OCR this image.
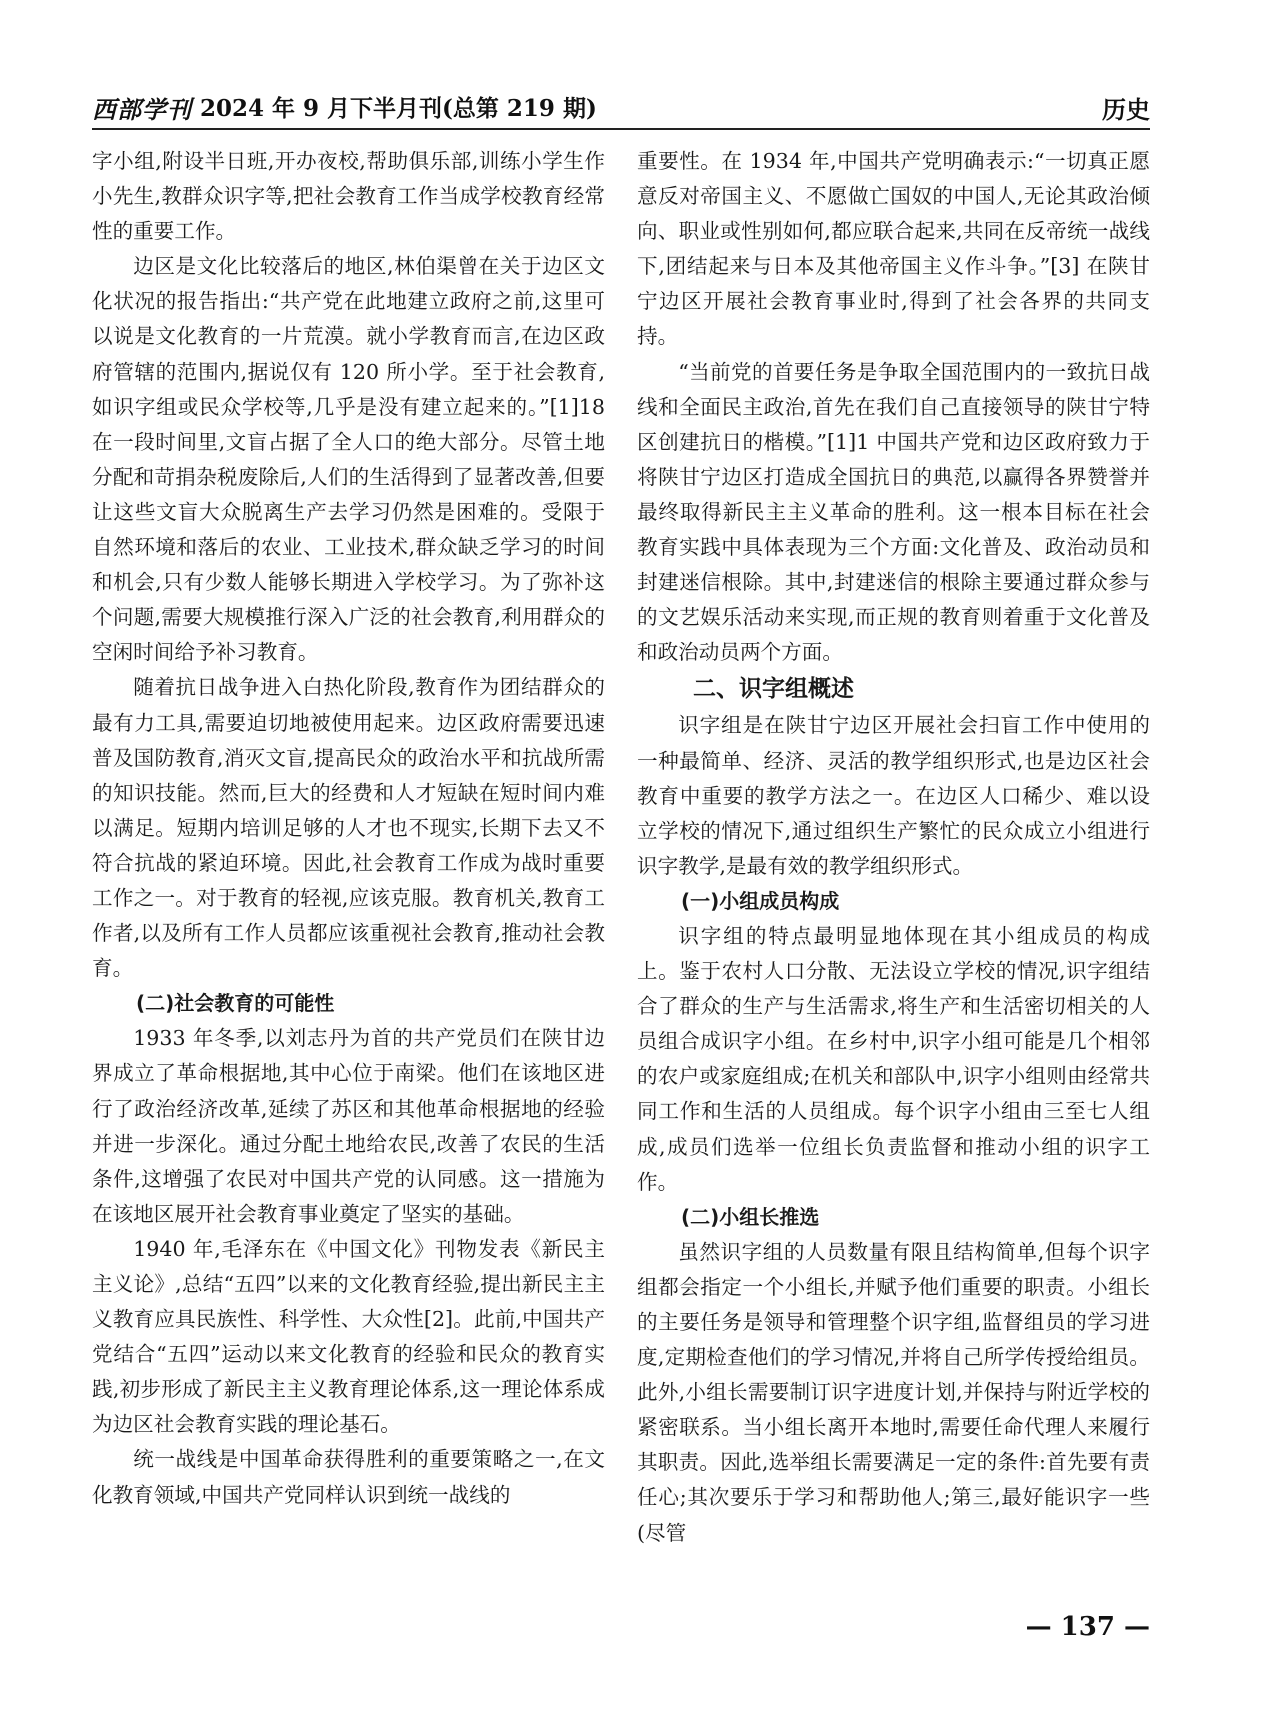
西部学刊 2024 年 9 月下半月刊(总第 219 期)	历史

字小组,附设半日班,开办夜校,帮助俱乐部,训练小学生作小先生,教群众识字等,把社会教育工作当成学校教育经常性的重要工作。

边区是文化比较落后的地区,林伯渠曾在关于边区文化状况的报告指出:“共产党在此地建立政府之前,这里可以说是文化教育的一片荒漠。就小学教育而言,在边区政府管辖的范围内,据说仅有 120 所小学。至于社会教育,如识字组或民众学校等,几乎是没有建立起来的。”[1]18 在一段时间里,文盲占据了全人口的绝大部分。尽管土地分配和苛捐杂税废除后,人们的生活得到了显著改善,但要让这些文盲大众脱离生产去学习仍然是困难的。受限于自然环境和落后的农业、工业技术,群众缺乏学习的时间和机会,只有少数人能够长期进入学校学习。为了弥补这个问题,需要大规模推行深入广泛的社会教育,利用群众的空闲时间给予补习教育。

随着抗日战争进入白热化阶段,教育作为团结群众的最有力工具,需要迫切地被使用起来。边区政府需要迅速普及国防教育,消灭文盲,提高民众的政治水平和抗战所需的知识技能。然而,巨大的经费和人才短缺在短时间内难以满足。短期内培训足够的人才也不现实,长期下去又不符合抗战的紧迫环境。因此,社会教育工作成为战时重要工作之一。对于教育的轻视,应该克服。教育机关,教育工作者,以及所有工作人员都应该重视社会教育,推动社会教育。

(二)社会教育的可能性

1933 年冬季,以刘志丹为首的共产党员们在陕甘边界成立了革命根据地,其中心位于南梁。他们在该地区进行了政治经济改革,延续了苏区和其他革命根据地的经验并进一步深化。通过分配土地给农民,改善了农民的生活条件,这增强了农民对中国共产党的认同感。这一措施为在该地区展开社会教育事业奠定了坚实的基础。

1940 年,毛泽东在《中国文化》刊物发表《新民主主义论》,总结“五四”以来的文化教育经验,提出新民主主义教育应具民族性、科学性、大众性[2]。此前,中国共产党结合“五四”运动以来文化教育的经验和民众的教育实践,初步形成了新民主主义教育理论体系,这一理论体系成为边区社会教育实践的理论基石。

统一战线是中国革命获得胜利的重要策略之一,在文化教育领域,中国共产党同样认识到统一战线的

重要性。在 1934 年,中国共产党明确表示:“一切真正愿意反对帝国主义、不愿做亡国奴的中国人,无论其政治倾向、职业或性别如何,都应联合起来,共同在反帝统一战线下,团结起来与日本及其他帝国主义作斗争。”[3] 在陕甘宁边区开展社会教育事业时,得到了社会各界的共同支持。

“当前党的首要任务是争取全国范围内的一致抗日战线和全面民主政治,首先在我们自己直接领导的陕甘宁特区创建抗日的楷模。”[1]1 中国共产党和边区政府致力于将陕甘宁边区打造成全国抗日的典范,以赢得各界赞誉并最终取得新民主主义革命的胜利。这一根本目标在社会教育实践中具体表现为三个方面:文化普及、政治动员和封建迷信根除。其中,封建迷信的根除主要通过群众参与的文艺娱乐活动来实现,而正规的教育则着重于文化普及和政治动员两个方面。

二、识字组概述

识字组是在陕甘宁边区开展社会扫盲工作中使用的一种最简单、经济、灵活的教学组织形式,也是边区社会教育中重要的教学方法之一。在边区人口稀少、难以设立学校的情况下,通过组织生产繁忙的民众成立小组进行识字教学,是最有效的教学组织形式。

(一)小组成员构成

识字组的特点最明显地体现在其小组成员的构成上。鉴于农村人口分散、无法设立学校的情况,识字组结合了群众的生产与生活需求,将生产和生活密切相关的人员组合成识字小组。在乡村中,识字小组可能是几个相邻的农户或家庭组成;在机关和部队中,识字小组则由经常共同工作和生活的人员组成。每个识字小组由三至七人组成,成员们选举一位组长负责监督和推动小组的识字工作。

(二)小组长推选

虽然识字组的人员数量有限且结构简单,但每个识字组都会指定一个小组长,并赋予他们重要的职责。小组长的主要任务是领导和管理整个识字组,监督组员的学习进度,定期检查他们的学习情况,并将自己所学传授给组员。此外,小组长需要制订识字进度计划,并保持与附近学校的紧密联系。当小组长离开本地时,需要任命代理人来履行其职责。因此,选举组长需要满足一定的条件:首先要有责任心;其次要乐于学习和帮助他人;第三,最好能识字一些(尽管

— 137 —
